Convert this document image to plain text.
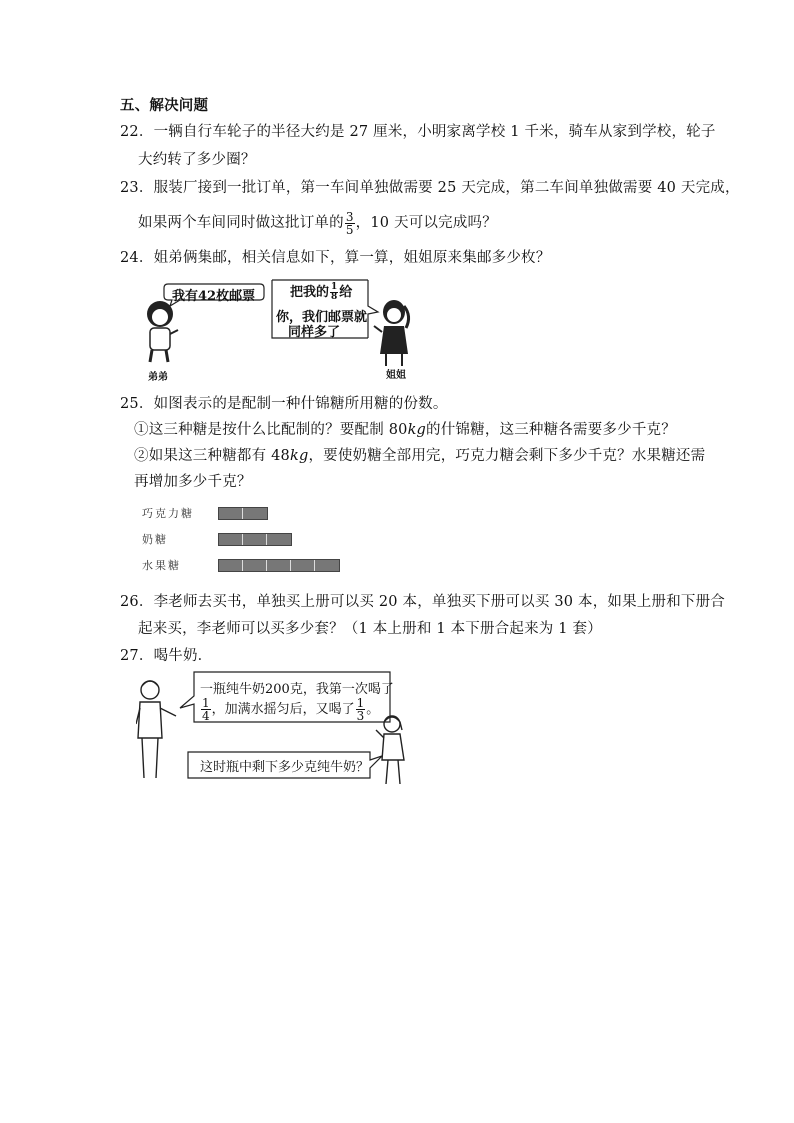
五、解决问题
22．一辆自行车轮子的半径大约是 27 厘米，小明家离学校 1 千米，骑车从家到学校，轮子
大约转了多少圈？
23．服装厂接到一批订单，第一车间单独做需要 25 天完成，第二车间单独做需要 40 天完成，
如果两个车间同时做这批订单的 $\frac{3}{5}$ ，10 天可以完成吗？
24．姐弟俩集邮，相关信息如下，算一算，姐姐原来集邮多少枚？
我有42枚邮票	把我的 $\frac{1}{8}$ 给
你，我们邮票就
同样多了
弟弟	姐姐
25．如图表示的是配制一种什锦糖所用糖的份数。
①这三种糖是按什么比配制的？要配制 80kg的什锦糖，这三种糖各需要多少千克？
②如果这三种糖都有 48kg，要使奶糖全部用完，巧克力糖会剩下多少千克？水果糖还需
再增加多少千克？
巧克力糖
奶糖
水果糖
26．李老师去买书，单独买上册可以买 20 本，单独买下册可以买 30 本，如果上册和下册合
起来买，李老师可以买多少套？（1 本上册和 1 本下册合起来为 1 套）
27．喝牛奶．
一瓶纯牛奶200克，我第一次喝了
$\frac{1}{4}$ ，加满水摇匀后，又喝了 $\frac{1}{3}$ 。
这时瓶中剩下多少克纯牛奶？
